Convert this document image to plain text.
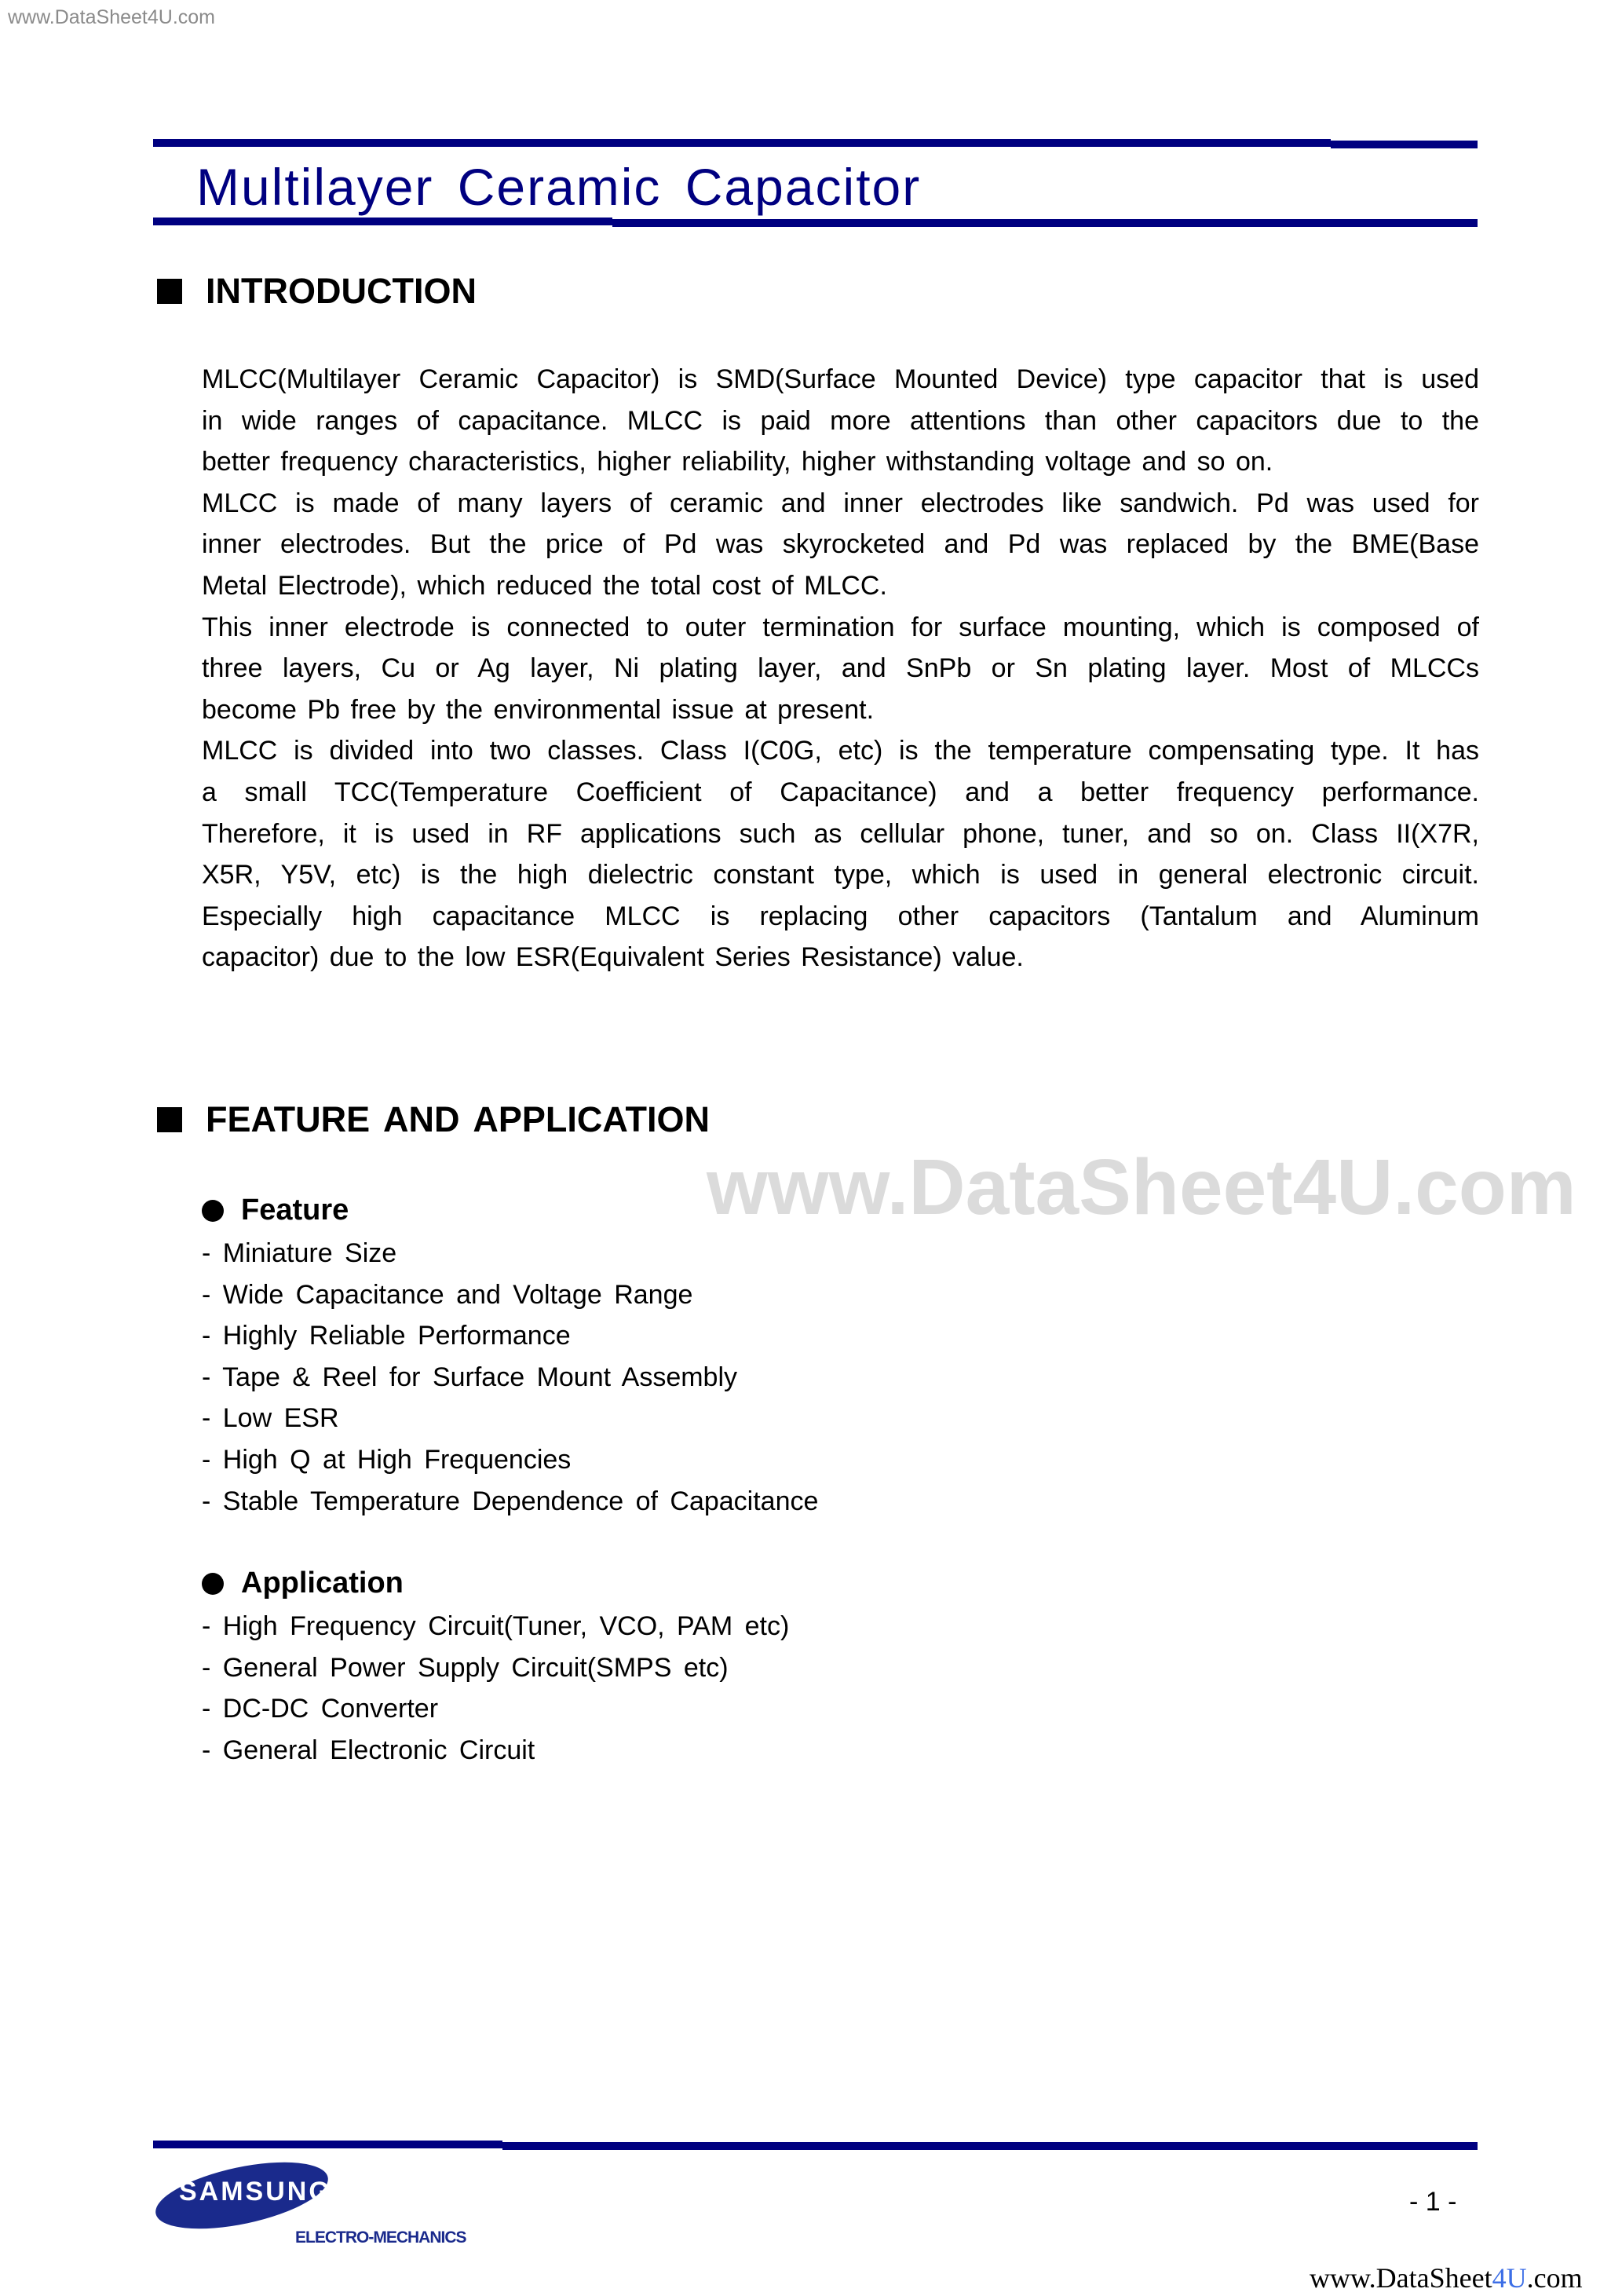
www.DataSheet4U.com
Multilayer Ceramic Capacitor
INTRODUCTION
MLCC(Multilayer Ceramic Capacitor) is SMD(Surface Mounted Device) type capacitor that is used
in wide ranges of capacitance. MLCC is paid more attentions than other capacitors due to the
better frequency characteristics, higher reliability, higher withstanding voltage and so on.
MLCC is made of many layers of ceramic and inner electrodes like sandwich. Pd was used for
inner electrodes. But the price of Pd was skyrocketed and Pd was replaced by the BME(Base
Metal Electrode), which reduced the total cost of MLCC.
This inner electrode is connected to outer termination for surface mounting, which is composed of
three layers, Cu or Ag layer, Ni plating layer, and SnPb or Sn plating layer. Most of MLCCs
become Pb free by the environmental issue at present.
MLCC is divided into two classes. Class I(C0G, etc) is the temperature compensating type. It has
a small TCC(Temperature Coefficient of Capacitance) and a better frequency performance.
Therefore, it is used in RF applications such as cellular phone, tuner, and so on. Class II(X7R,
X5R, Y5V, etc) is the high dielectric constant type, which is used in general electronic circuit.
Especially high capacitance MLCC is replacing other capacitors (Tantalum and Aluminum
capacitor) due to the low ESR(Equivalent Series Resistance) value.
www.DataSheet4U.com
FEATURE AND APPLICATION
Feature
- Miniature Size
- Wide Capacitance and Voltage Range
- Highly Reliable Performance
- Tape & Reel for Surface Mount Assembly
- Low ESR
- High Q at High Frequencies
- Stable Temperature Dependence of Capacitance
Application
- High Frequency Circuit(Tuner, VCO, PAM etc)
- General Power Supply Circuit(SMPS etc)
- DC-DC Converter
- General Electronic Circuit
SAMSUNG
ELECTRO-MECHANICS
- 1 -
www.DataSheet4U.com
